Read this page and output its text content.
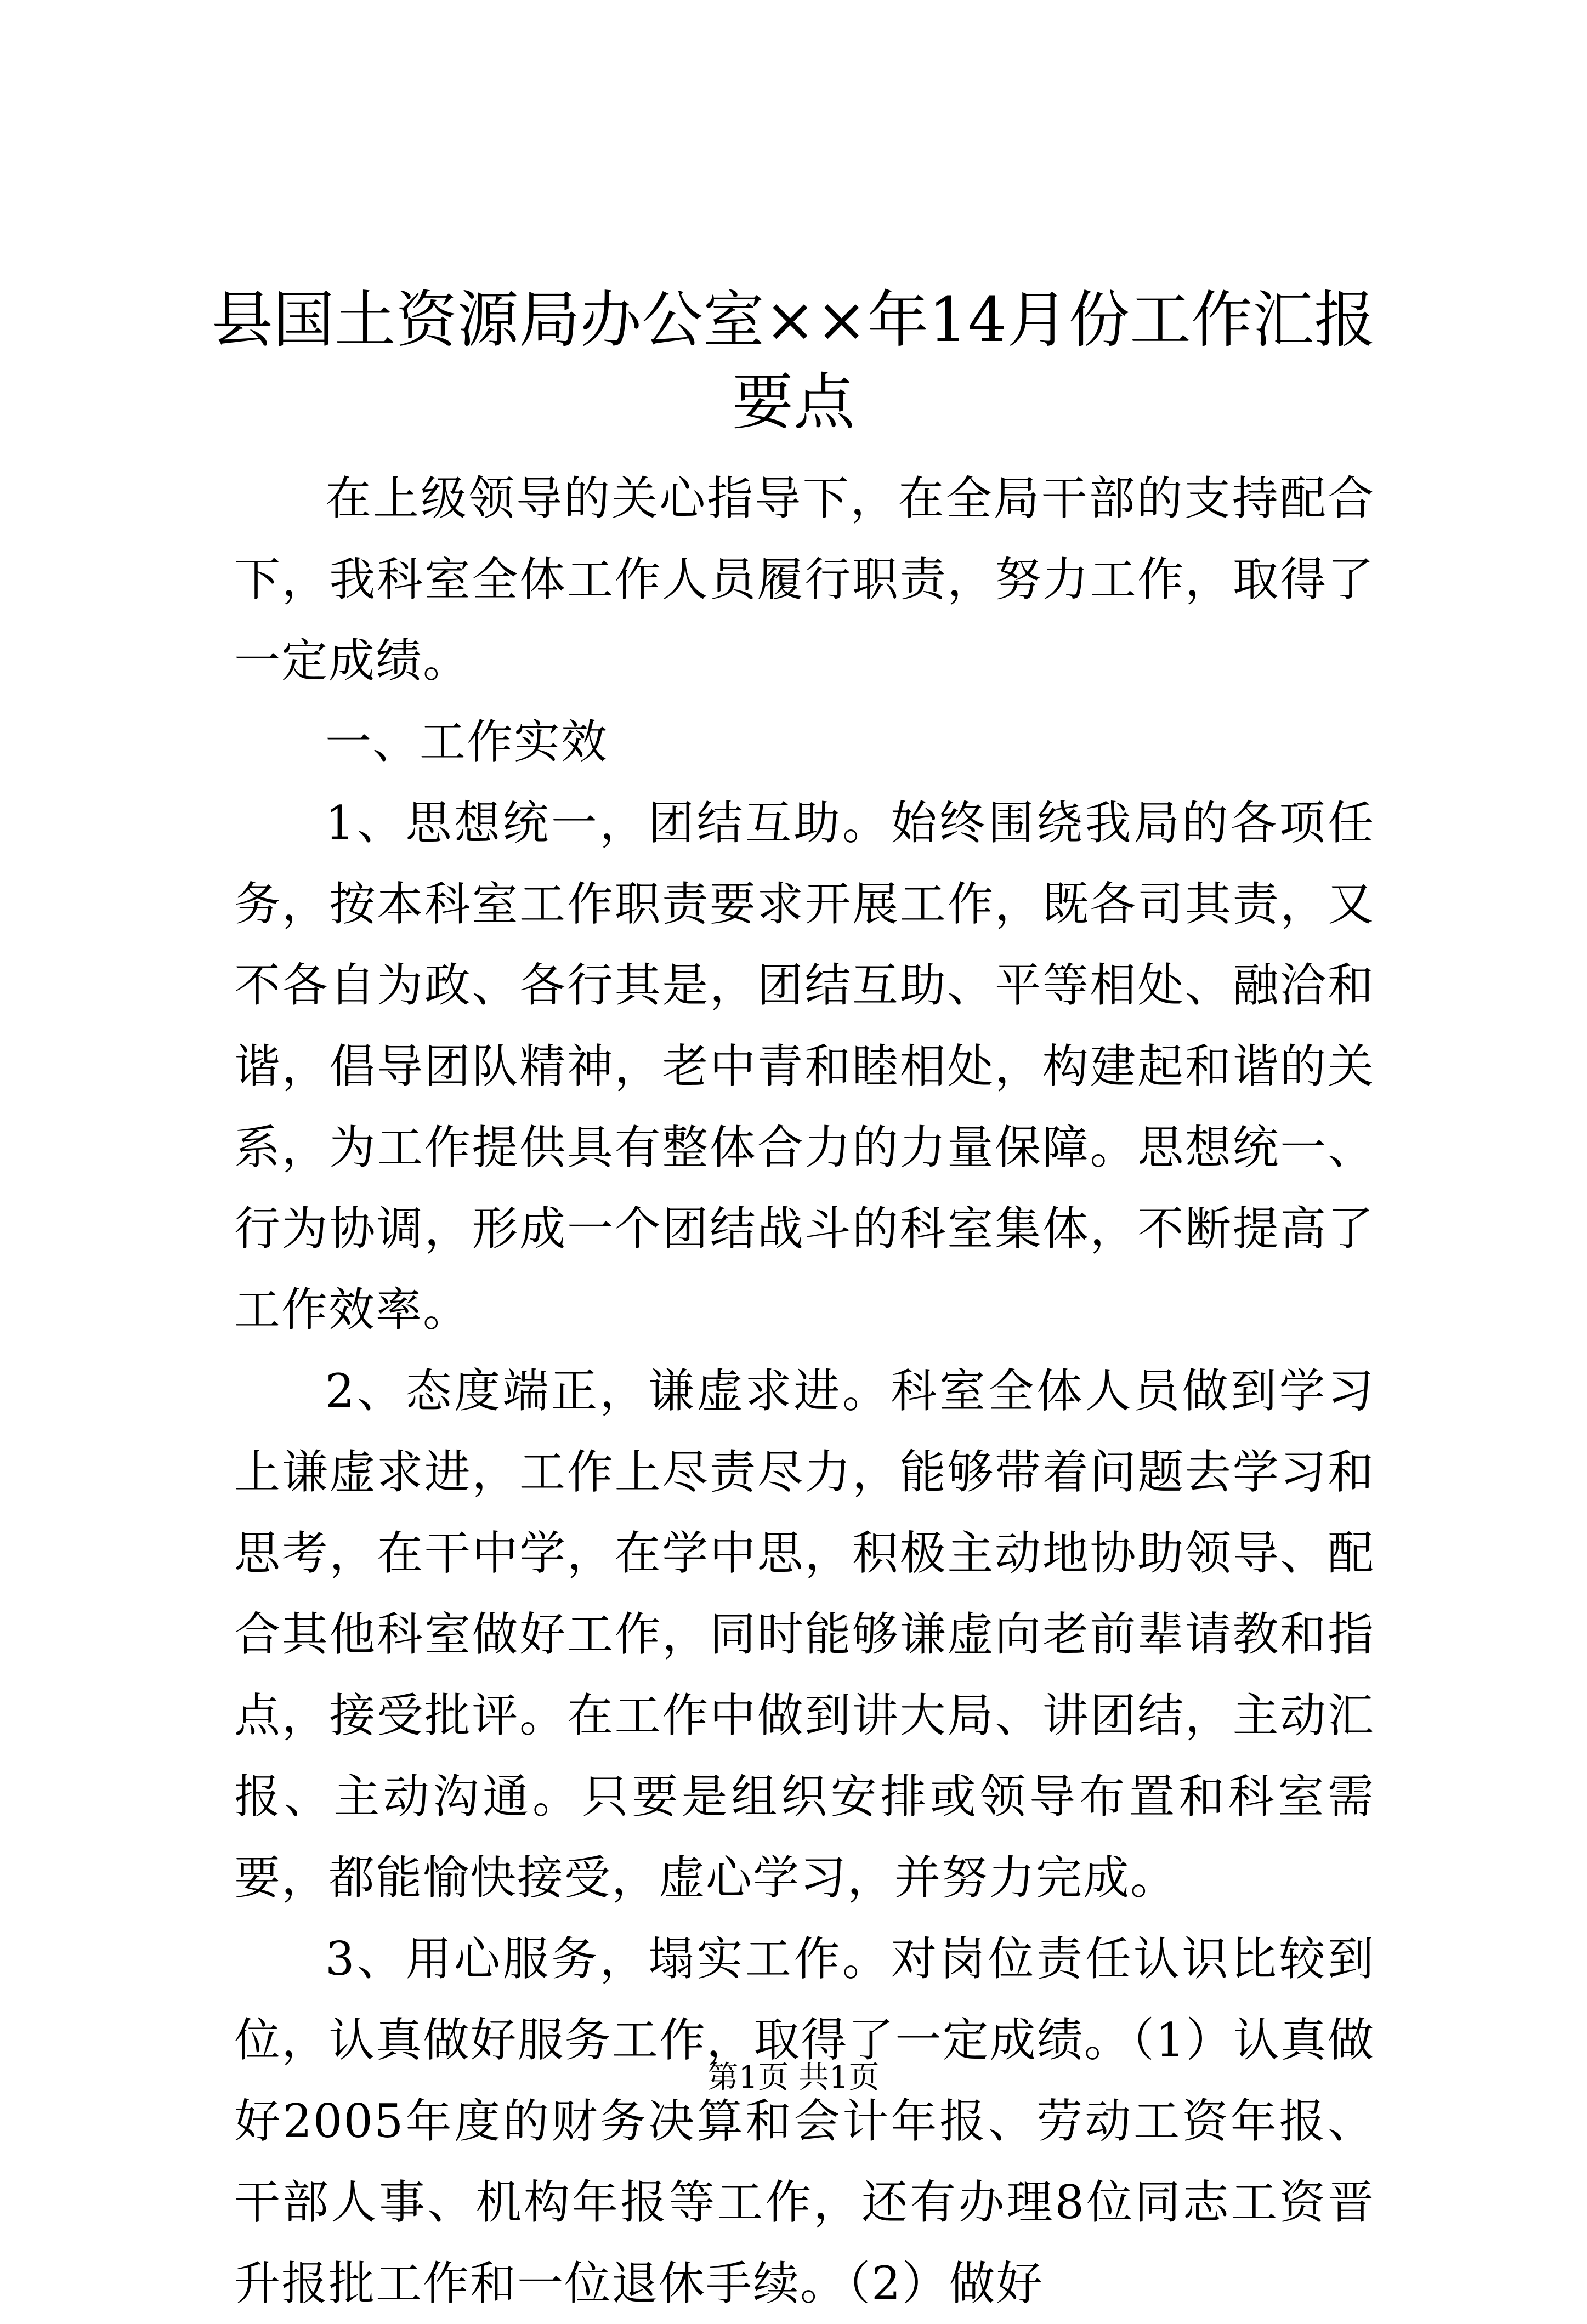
县国土资源局办公室××年14月份工作汇报
要点

在上级领导的关心指导下，在全局干部的支持配合下，我科室全体工作人员履行职责，努力工作，取得了一定成绩。

一、工作实效

1、思想统一，团结互助。始终围绕我局的各项任务，按本科室工作职责要求开展工作，既各司其责，又不各自为政、各行其是，团结互助、平等相处、融洽和谐，倡导团队精神，老中青和睦相处，构建起和谐的关系，为工作提供具有整体合力的力量保障。思想统一、行为协调，形成一个团结战斗的科室集体，不断提高了工作效率。

2、态度端正，谦虚求进。科室全体人员做到学习上谦虚求进，工作上尽责尽力，能够带着问题去学习和思考，在干中学，在学中思，积极主动地协助领导、配合其他科室做好工作，同时能够谦虚向老前辈请教和指点，接受批评。在工作中做到讲大局、讲团结，主动汇报、主动沟通。只要是组织安排或领导布置和科室需要，都能愉快接受，虚心学习，并努力完成。

3、用心服务，塌实工作。对岗位责任认识比较到位，认真做好服务工作，取得了一定成绩。（1）认真做好2005年度的财务决算和会计年报、劳动工资年报、干部人事、机构年报等工作，还有办理8位同志工资晋升报批工作和一位退休手续。（2）做好

第1页 共1页
